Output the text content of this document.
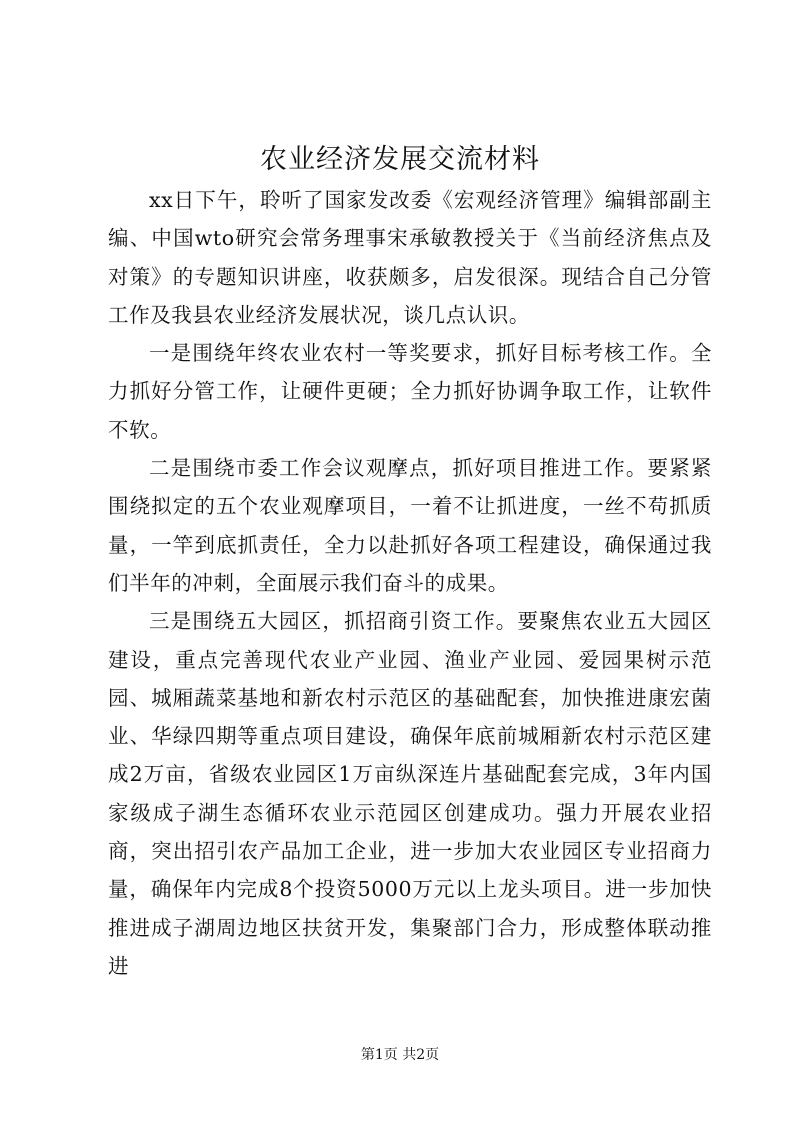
农业经济发展交流材料

xx日下午，聆听了国家发改委《宏观经济管理》编辑部副主编、中国wto研究会常务理事宋承敏教授关于《当前经济焦点及对策》的专题知识讲座，收获颇多，启发很深。现结合自己分管工作及我县农业经济发展状况，谈几点认识。

一是围绕年终农业农村一等奖要求，抓好目标考核工作。全力抓好分管工作，让硬件更硬；全力抓好协调争取工作，让软件不软。

二是围绕市委工作会议观摩点，抓好项目推进工作。要紧紧围绕拟定的五个农业观摩项目，一着不让抓进度，一丝不苟抓质量，一竿到底抓责任，全力以赴抓好各项工程建设，确保通过我们半年的冲刺，全面展示我们奋斗的成果。

三是围绕五大园区，抓招商引资工作。要聚焦农业五大园区建设，重点完善现代农业产业园、渔业产业园、爱园果树示范园、城厢蔬菜基地和新农村示范区的基础配套，加快推进康宏菌业、华绿四期等重点项目建设，确保年底前城厢新农村示范区建成2万亩，省级农业园区1万亩纵深连片基础配套完成，3年内国家级成子湖生态循环农业示范园区创建成功。强力开展农业招商，突出招引农产品加工企业，进一步加大农业园区专业招商力量，确保年内完成8个投资5000万元以上龙头项目。进一步加快推进成子湖周边地区扶贫开发，集聚部门合力，形成整体联动推进

第1页 共2页
